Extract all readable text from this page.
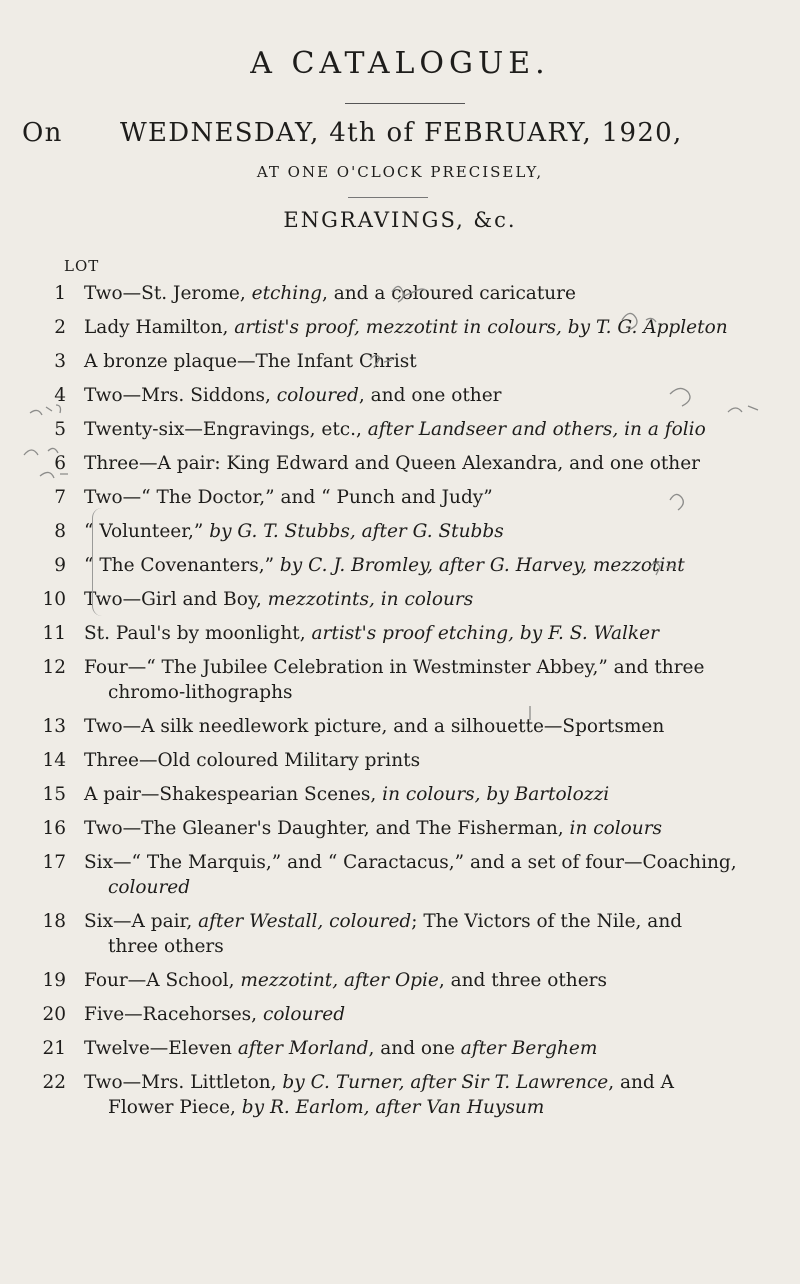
A CATALOGUE.
On WEDNESDAY, 4th of FEBRUARY, 1920,
AT ONE O'CLOCK PRECISELY,
ENGRAVINGS, &c.
LOT
1 Two—St. Jerome, etching, and a coloured caricature
2 Lady Hamilton, artist's proof, mezzotint in colours, by T. G. Appleton
3 A bronze plaque—The Infant Christ
4 Two—Mrs. Siddons, coloured, and one other
5 Twenty-six—Engravings, etc., after Landseer and others, in a folio
6 Three—A pair: King Edward and Queen Alexandra, and one other
7 Two—“ The Doctor,” and “ Punch and Judy”
8 “ Volunteer,” by G. T. Stubbs, after G. Stubbs
9 “ The Covenanters,” by C. J. Bromley, after G. Harvey, mezzotint
10 Two—Girl and Boy, mezzotints, in colours
11 St. Paul's by moonlight, artist's proof etching, by F. S. Walker
12 Four—“ The Jubilee Celebration in Westminster Abbey,” and three
chromo-lithographs
13 Two—A silk needlework picture, and a silhouette—Sportsmen
14 Three—Old coloured Military prints
15 A pair—Shakespearian Scenes, in colours, by Bartolozzi
16 Two—The Gleaner's Daughter, and The Fisherman, in colours
17 Six—“ The Marquis,” and “ Caractacus,” and a set of four—Coaching,
coloured
18 Six—A pair, after Westall, coloured; The Victors of the Nile, and
three others
19 Four—A School, mezzotint, after Opie, and three others
20 Five—Racehorses, coloured
21 Twelve—Eleven after Morland, and one after Berghem
22 Two—Mrs. Littleton, by C. Turner, after Sir T. Lawrence, and A
Flower Piece, by R. Earlom, after Van Huysum
